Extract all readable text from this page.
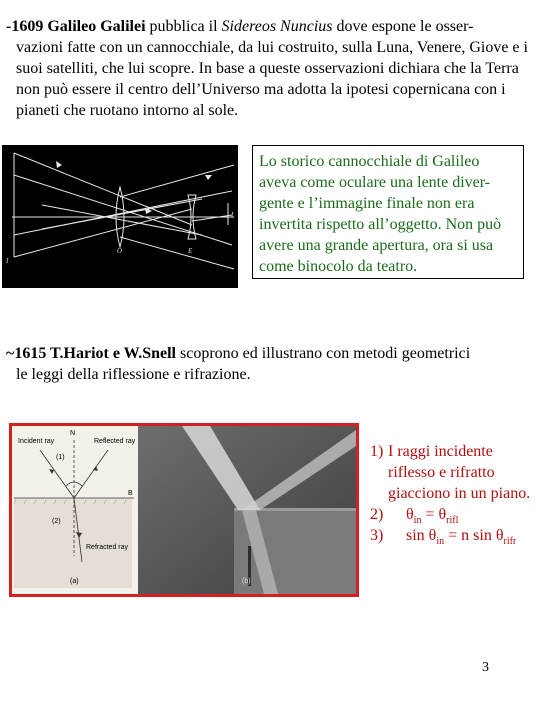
-1609 Galileo Galilei pubblica il Sidereos Nuncius dove espone le osser-
vazioni fatte con un cannocchiale, da lui costruito, sulla Luna, Venere, Giove e i suoi satelliti, che lui scopre. In base a queste osservazioni dichiara che la Terra non può essere il centro dell’Universo ma adotta la ipotesi copernicana con i pianeti che ruotano intorno al sole.
O	E
I
I
Lo storico cannocchiale di Galileo aveva come oculare una lente diver-gente e l’immagine finale non era invertita rispetto all’oggetto. Non può avere una grande apertura, ora si usa come binocolo da teatro.
~1615 T.Hariot e W.Snell scoprono ed illustrano con metodi geometrici
le leggi della riflessione e rifrazione.
Incident ray	Reflected ray
Refracted ray
N
B
(1)
(2)
(a)	(b)
1) I raggi incidente riflesso e rifratto giacciono in un piano.
2)	$\theta_{in} = \theta_{rifl}$
3)	$\sin \theta_{in} = n$ $\sin \theta_{rifr}$
3
